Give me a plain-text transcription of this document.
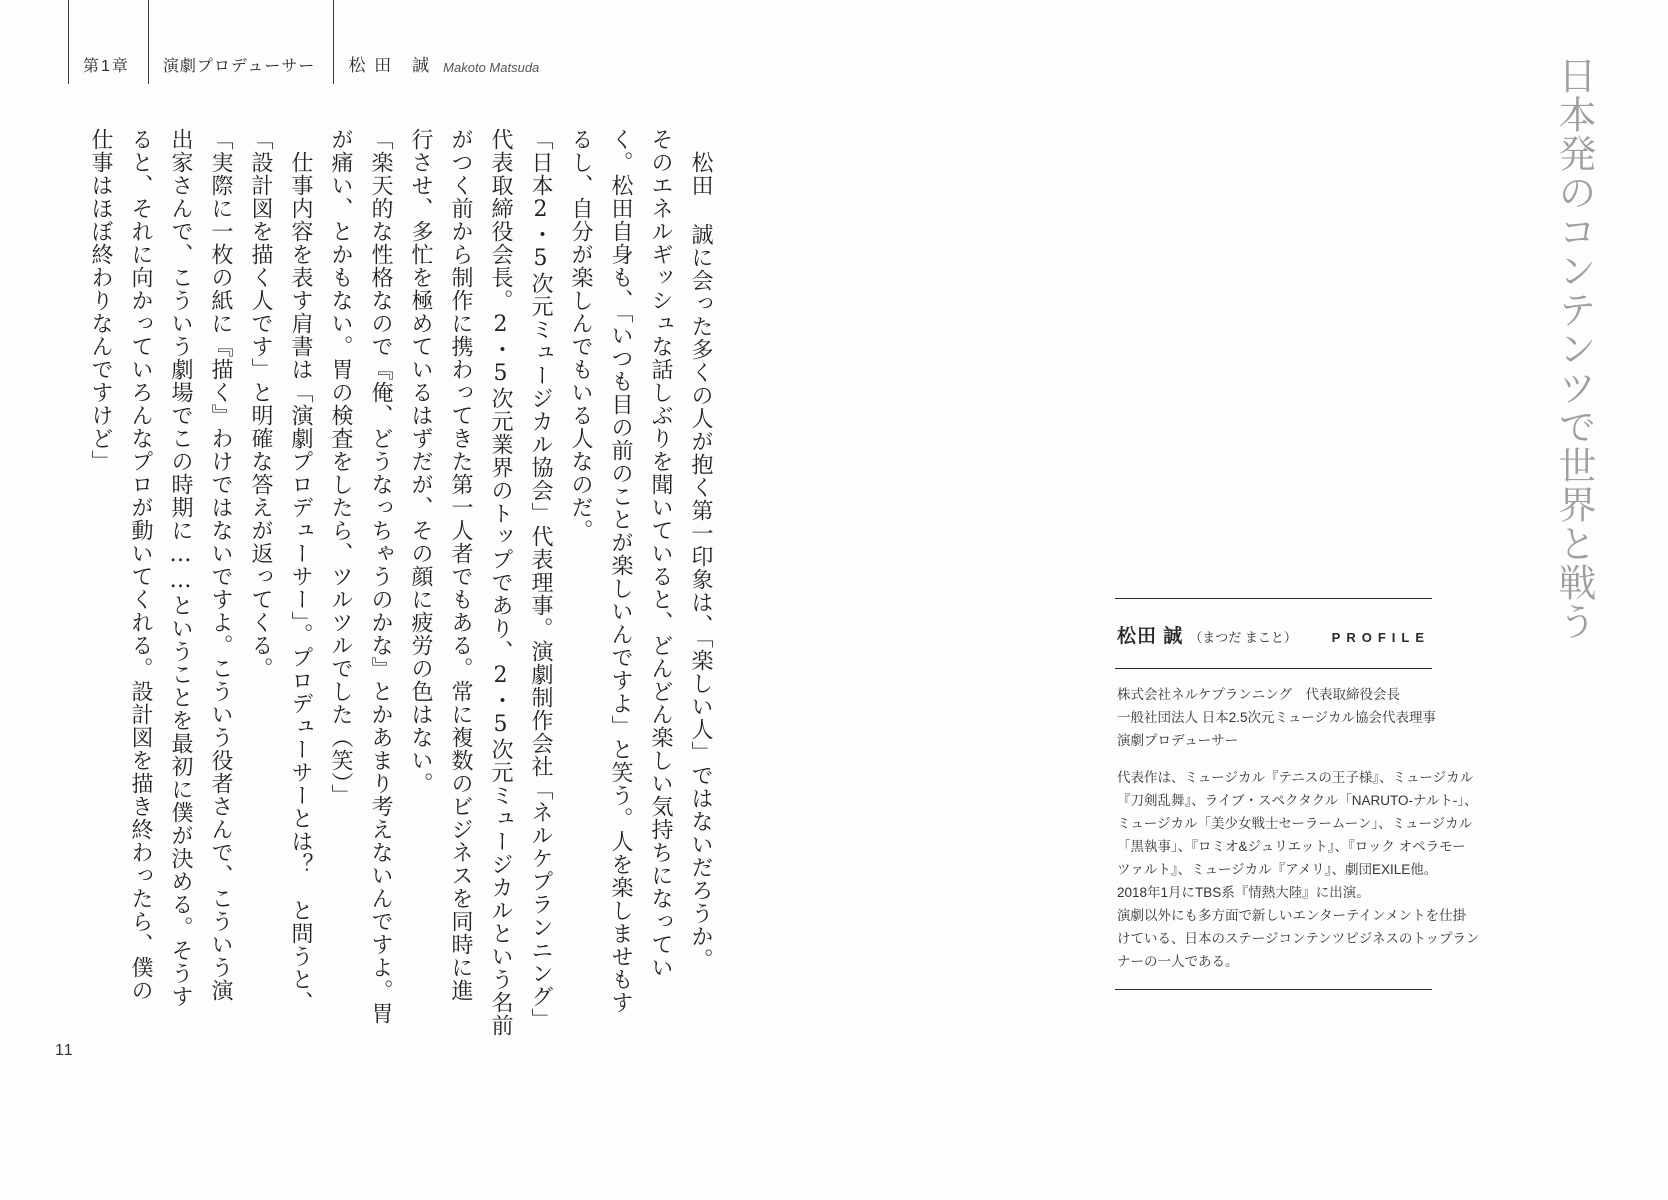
第1章 演劇プロデューサー 松 田　誠 Makoto Matsuda
　松田 誠に会った多くの人が抱く第一印象は、「楽しい人」ではないだろうか。
そのエネルギッシュな話しぶりを聞いていると、どんどん楽しい気持ちになってい
く。松田自身も、「いつも目の前のことが楽しいんですよ」と笑う。人を楽しませもす
るし、自分が楽しんでもいる人なのだ。
「日本2・5次元ミュージカル協会」代表理事。演劇制作会社「ネルケプランニング」
代表取締役会長。2・5次元業界のトップであり、2・5次元ミュージカルという名前
がつく前から制作に携わってきた第一人者でもある。常に複数のビジネスを同時に進
行させ、多忙を極めているはずだが、その顔に疲労の色はない。
「楽天的な性格なので『俺、どうなっちゃうのかな』とかあまり考えないんですよ。胃
が痛い、とかもない。胃の検査をしたら、ツルツルでした（笑）」
　仕事内容を表す肩書は「演劇プロデューサー」。プロデューサーとは？　と問うと、
「設計図を描く人です」と明確な答えが返ってくる。
「実際に一枚の紙に『描く』わけではないですよ。こういう役者さんで、こういう演
出家さんで、こういう劇場でこの時期に……ということを最初に僕が決める。そうす
ると、それに向かっていろんなプロが動いてくれる。設計図を描き終わったら、僕の
仕事はほぼ終わりなんですけど」	日本発のコンテンツで世界と戦う
松田 誠 （まつだ まこと）	PROFILE
株式会社ネルケプランニング　代表取締役会長
一般社団法人 日本2.5次元ミュージカル協会代表理事
演劇プロデューサー
代表作は、ミュージカル『テニスの王子様』、ミュージカル
『刀剣乱舞』、ライブ・スペクタクル「NARUTO-ナルト-」、
ミュージカル「美少女戦士セーラームーン」、ミュージカル
「黒執事」、『ロミオ&ジュリエット』、『ロック オペラモー
ツァルト』、ミュージカル『アメリ』、劇団EXILE他。
2018年1月にTBS系『情熱大陸』に出演。
演劇以外にも多方面で新しいエンターテインメントを仕掛
けている、日本のステージコンテンツビジネスのトップラン
ナーの一人である。
11
